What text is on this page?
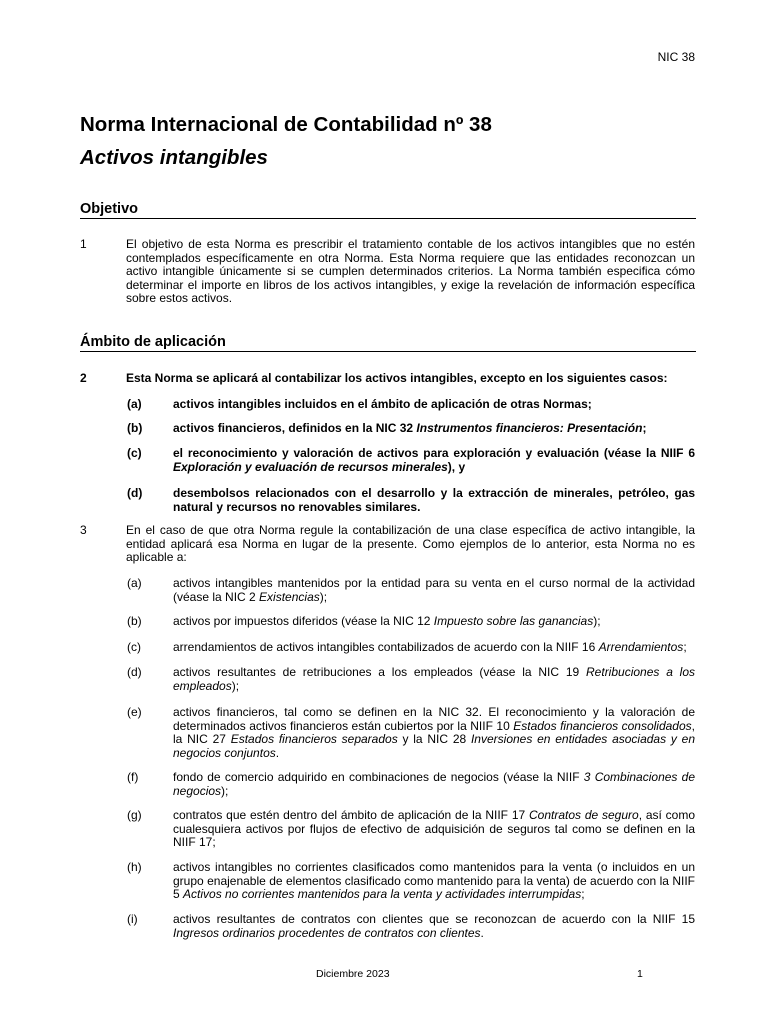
NIC 38
Norma Internacional de Contabilidad nº 38
Activos intangibles
Objetivo
1	El objetivo de esta Norma es prescribir el tratamiento contable de los activos intangibles que no estén contemplados específicamente en otra Norma. Esta Norma requiere que las entidades reconozcan un activo intangible únicamente si se cumplen determinados criterios. La Norma también especifica cómo determinar el importe en libros de los activos intangibles, y exige la revelación de información específica sobre estos activos.
Ámbito de aplicación
2	Esta Norma se aplicará al contabilizar los activos intangibles, excepto en los siguientes casos:
(a)	activos intangibles incluidos en el ámbito de aplicación de otras Normas;
(b)	activos financieros, definidos en la NIC 32 Instrumentos financieros: Presentación;
(c)	el reconocimiento y valoración de activos para exploración y evaluación (véase la NIIF 6 Exploración y evaluación de recursos minerales), y
(d)	desembolsos relacionados con el desarrollo y la extracción de minerales, petróleo, gas natural y recursos no renovables similares.
3	En el caso de que otra Norma regule la contabilización de una clase específica de activo intangible, la entidad aplicará esa Norma en lugar de la presente. Como ejemplos de lo anterior, esta Norma no es aplicable a:
(a)	activos intangibles mantenidos por la entidad para su venta en el curso normal de la actividad (véase la NIC 2 Existencias);
(b)	activos por impuestos diferidos (véase la NIC 12 Impuesto sobre las ganancias);
(c)	arrendamientos de activos intangibles contabilizados de acuerdo con la NIIF 16 Arrendamientos;
(d)	activos resultantes de retribuciones a los empleados (véase la NIC 19 Retribuciones a los empleados);
(e)	activos financieros, tal como se definen en la NIC 32. El reconocimiento y la valoración de determinados activos financieros están cubiertos por la NIIF 10 Estados financieros consolidados, la NIC 27 Estados financieros separados y la NIC 28 Inversiones en entidades asociadas y en negocios conjuntos.
(f)	fondo de comercio adquirido en combinaciones de negocios (véase la NIIF 3 Combinaciones de negocios);
(g)	contratos que estén dentro del ámbito de aplicación de la NIIF 17 Contratos de seguro, así como cualesquiera activos por flujos de efectivo de adquisición de seguros tal como se definen en la NIIF 17;
(h)	activos intangibles no corrientes clasificados como mantenidos para la venta (o incluidos en un grupo enajenable de elementos clasificado como mantenido para la venta) de acuerdo con la NIIF 5 Activos no corrientes mantenidos para la venta y actividades interrumpidas;
(i)	activos resultantes de contratos con clientes que se reconozcan de acuerdo con la NIIF 15 Ingresos ordinarios procedentes de contratos con clientes.
Diciembre 2023	1
